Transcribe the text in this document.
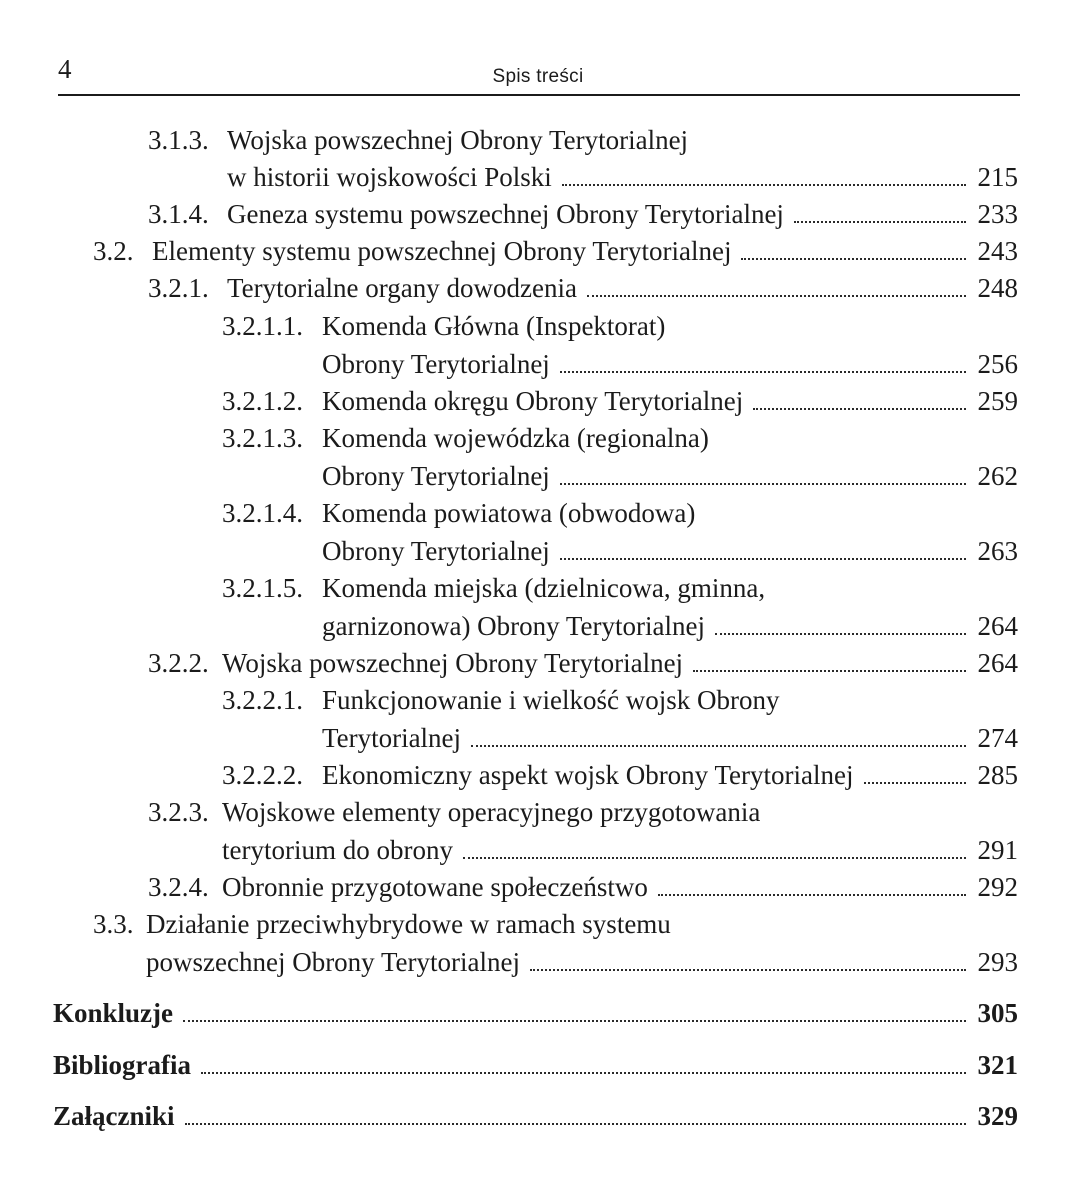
4	Spis treści
3.1.3. Wojska powszechnej Obrony Terytorialnej
w historii wojskowości Polski	215
3.1.4. Geneza systemu powszechnej Obrony Terytorialnej	233
3.2. Elementy systemu powszechnej Obrony Terytorialnej	243
3.2.1. Terytorialne organy dowodzenia	248
3.2.1.1. Komenda Główna (Inspektorat)
Obrony Terytorialnej	256
3.2.1.2. Komenda okręgu Obrony Terytorialnej	259
3.2.1.3. Komenda wojewódzka (regionalna)
Obrony Terytorialnej	262
3.2.1.4. Komenda powiatowa (obwodowa)
Obrony Terytorialnej	263
3.2.1.5. Komenda miejska (dzielnicowa, gminna,
garnizonowa) Obrony Terytorialnej	264
3.2.2. Wojska powszechnej Obrony Terytorialnej	264
3.2.2.1. Funkcjonowanie i wielkość wojsk Obrony
Terytorialnej	274
3.2.2.2. Ekonomiczny aspekt wojsk Obrony Terytorialnej	285
3.2.3. Wojskowe elementy operacyjnego przygotowania
terytorium do obrony	291
3.2.4. Obronnie przygotowane społeczeństwo	292
3.3. Działanie przeciwhybrydowe w ramach systemu
powszechnej Obrony Terytorialnej	293
Konkluzje	305
Bibliografia	321
Załączniki	329
